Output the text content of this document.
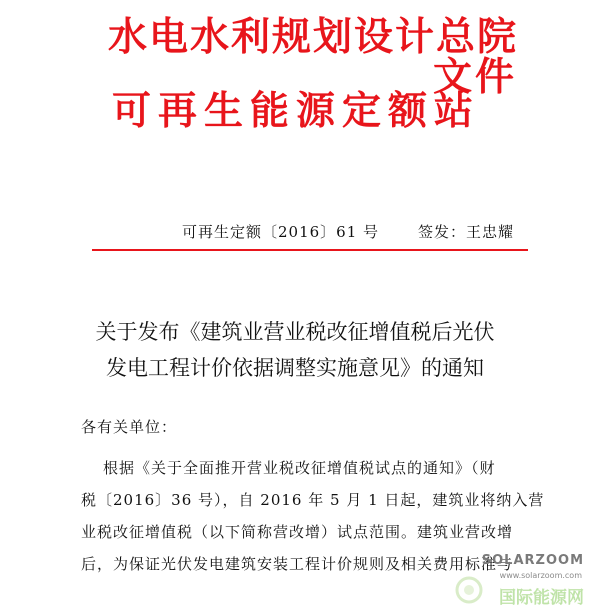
水电水利规划设计总院
可再生能源定额站
文件
可再生定额〔2016〕61 号	签发：王忠耀
关于发布《建筑业营业税改征增值税后光伏
发电工程计价依据调整实施意见》的通知
各有关单位：
根据《关于全面推开营业税改征增值税试点的通知》（财
税〔2016〕36 号），自 2016 年 5 月 1 日起，建筑业将纳入营
业税改征增值税（以下简称营改增）试点范围。建筑业营改增
后，为保证光伏发电建筑安装工程计价规则及相关费用标准与
SOLARZOOM
www.solarzoom.com
国际能源网
